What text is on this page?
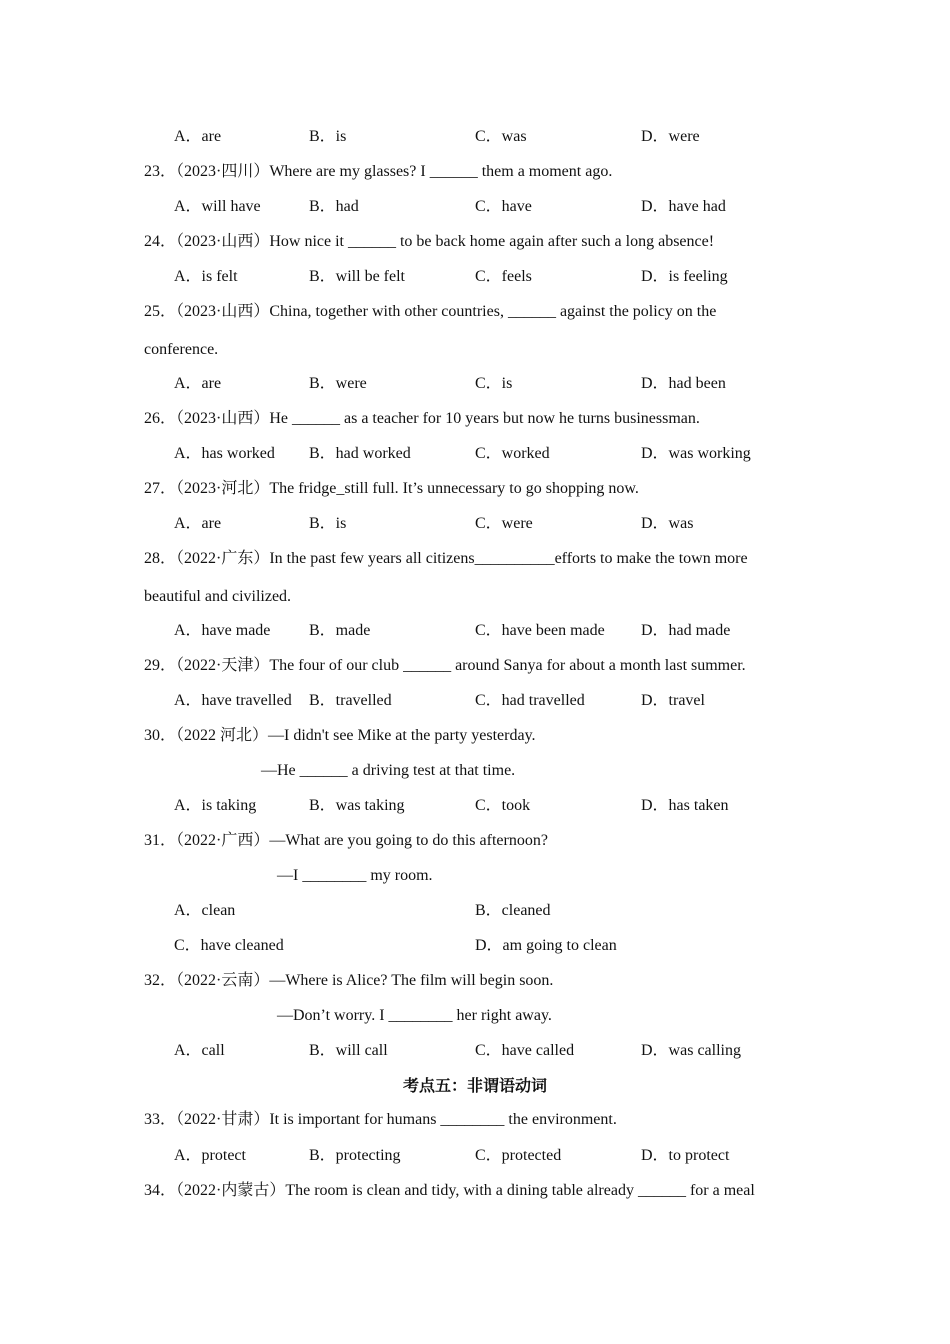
A．are	B．is	C．was	D．were
23．（2023·四川）Where are my glasses? I ______ them a moment ago.
A．will have	B．had	C．have	D．have had
24．（2023·山西）How nice it ______ to be back home again after such a long absence!
A．is felt	B．will be felt	C．feels	D．is feeling
25．（2023·山西）China, together with other countries, ______ against the policy on the
conference.
A．are	B．were	C．is	D．had been
26．（2023·山西）He ______ as a teacher for 10 years but now he turns businessman.
A．has worked B．had worked	C．worked	D．was working
27．（2023·河北）The fridge_still full. It’s unnecessary to go shopping now.
A．are	B．is	C．were	D．was
28．（2022·广东）In the past few years all citizens__________efforts to make the town more
beautiful and civilized.
A．have made B．made	C．have been made D．had made
29．（2022·天津）The four of our club ______ around Sanya for about a month last summer.
A．have travelled B．travelled	C．had travelled	D．travel
30．（2022 河北）—I didn't see Mike at the party yesterday.
—He ______ a driving test at that time.
A．is taking	B．was taking	C．took	D．has taken
31．（2022·广西）—What are you going to do this afternoon?
—I ________ my room.
A．clean	B．cleaned
C．have cleaned	D．am going to clean
32．（2022·云南）—Where is Alice? The film will begin soon.
—Don’t worry. I ________ her right away.
A．call	B．will call	C．have called	D．was calling
考点五：非谓语动词
33．（2022·甘肃）It is important for humans ________ the environment.
A．protect	B．protecting	C．protected	D．to protect
34．（2022·内蒙古）The room is clean and tidy, with a dining table already ______ for a meal
